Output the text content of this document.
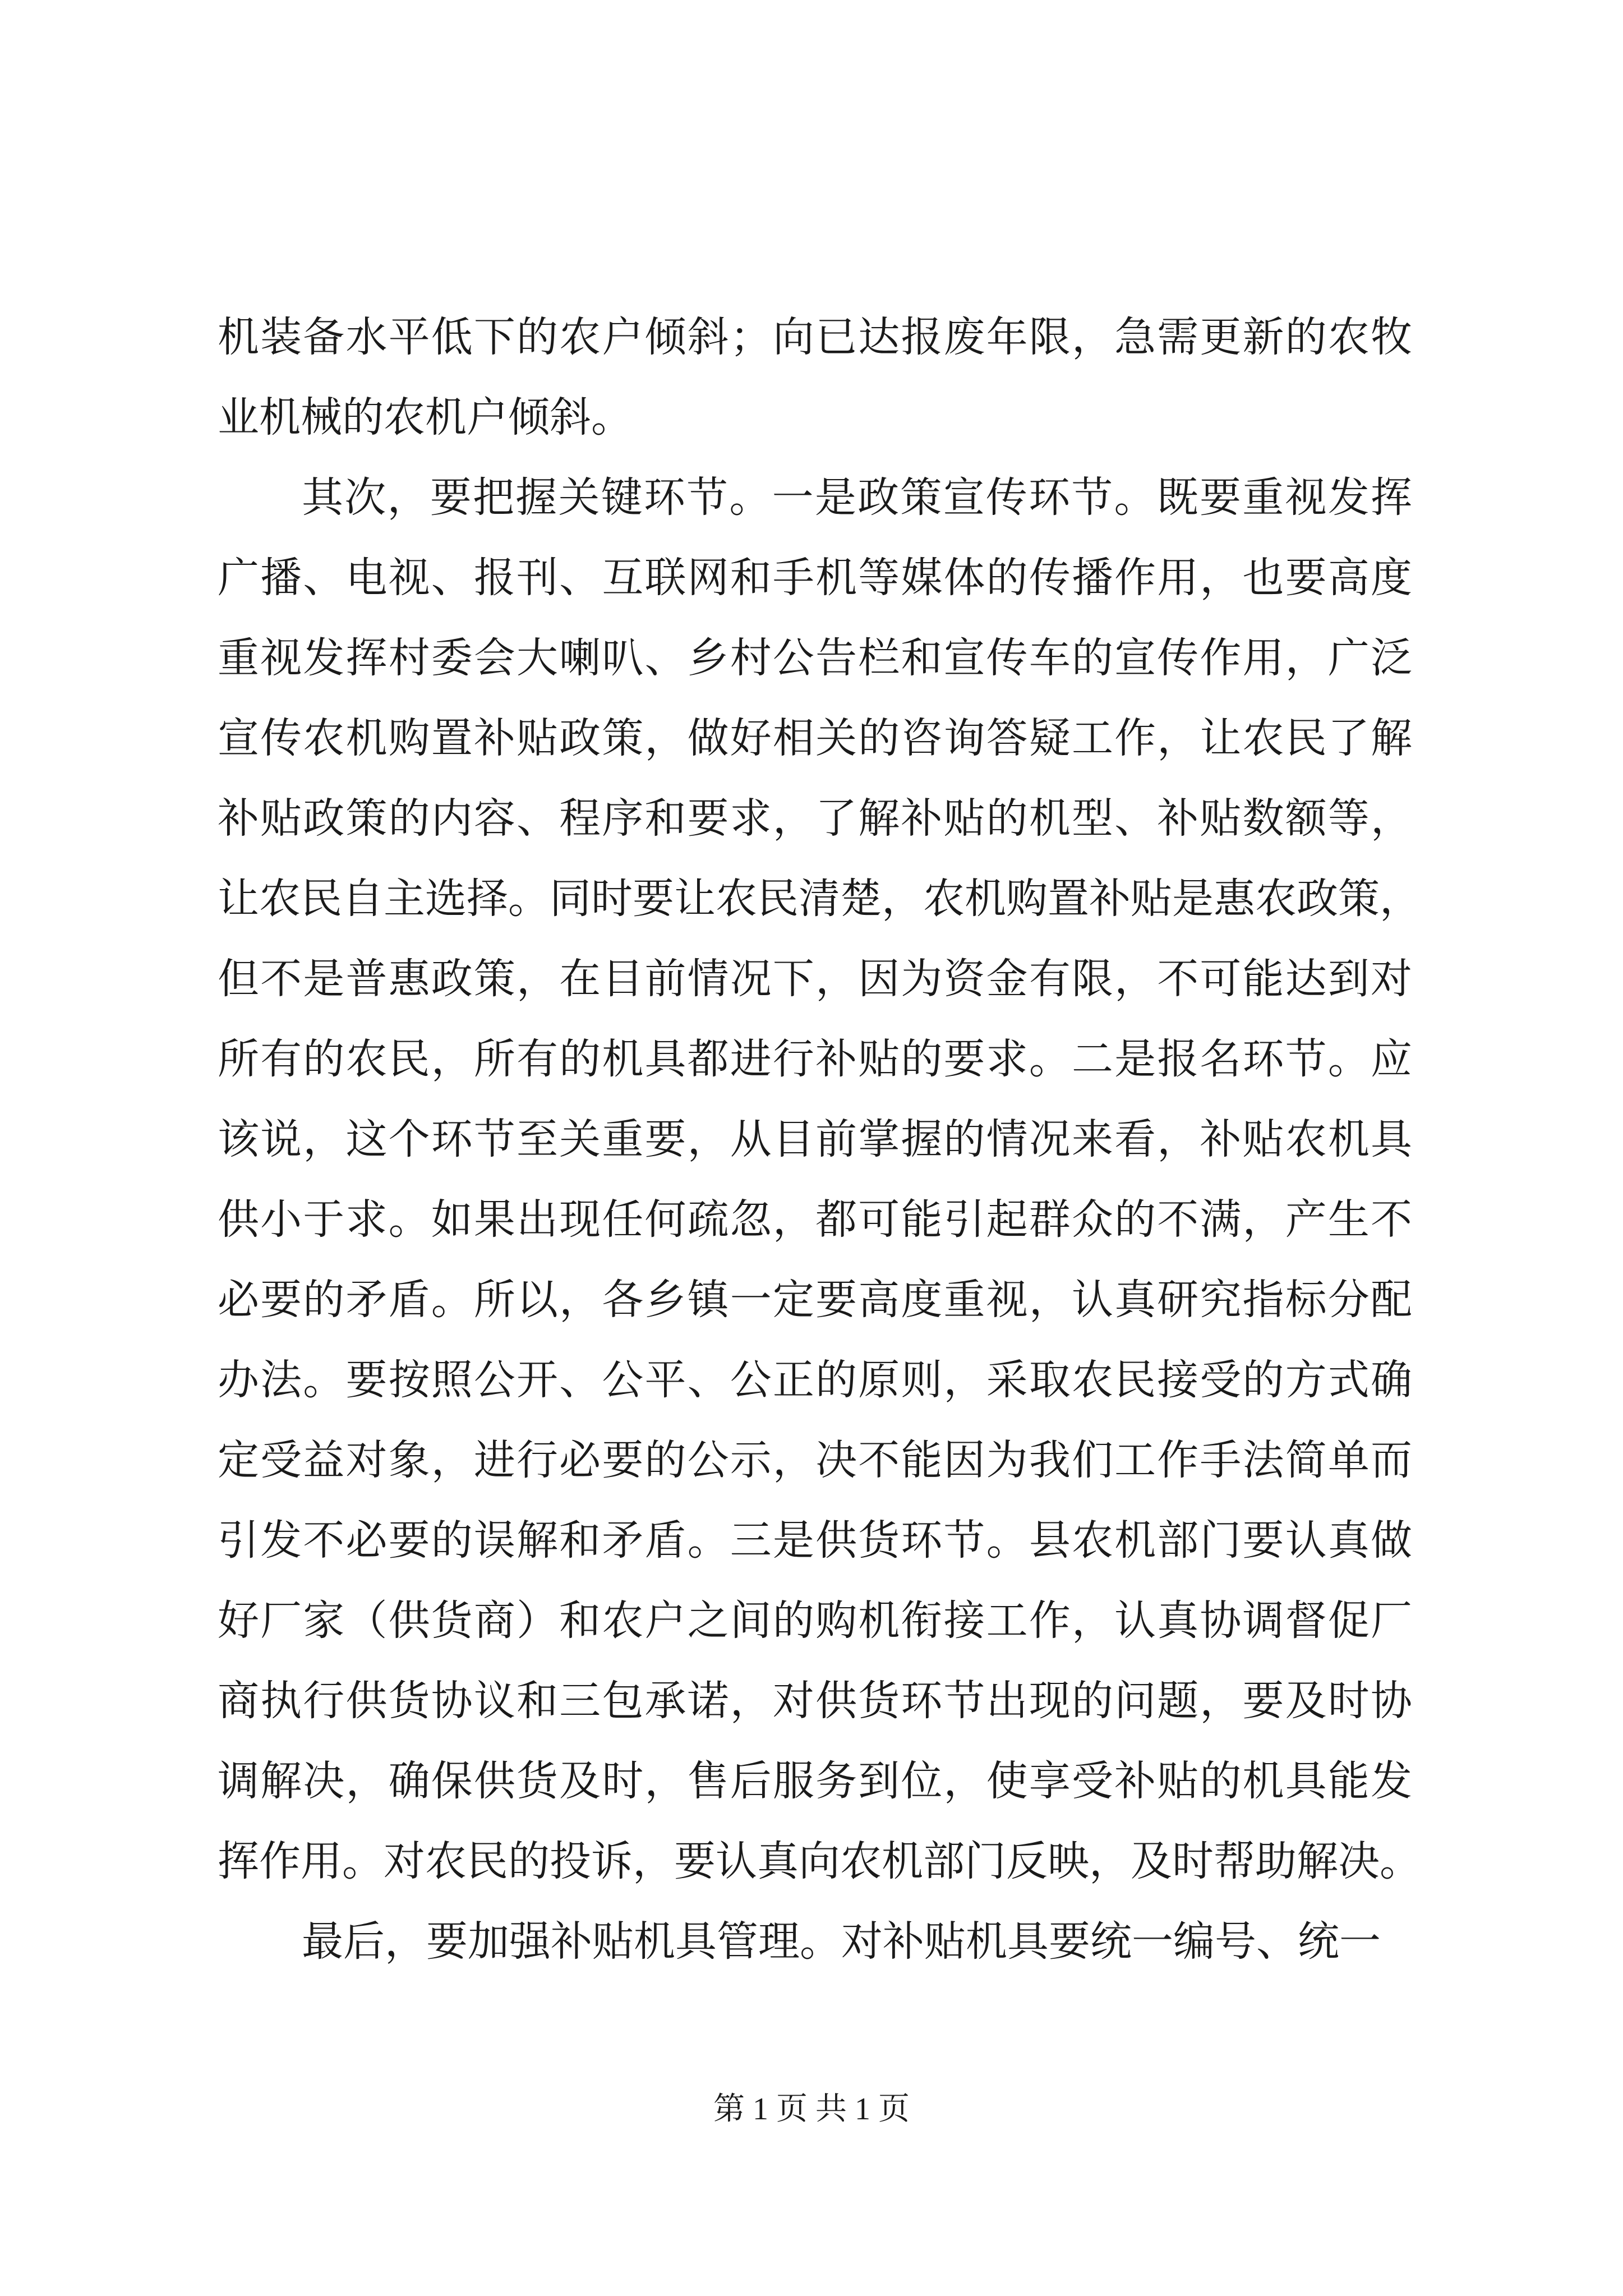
机装备水平低下的农户倾斜；向已达报废年限，急需更新的农牧
业机械的农机户倾斜。
其次，要把握关键环节。一是政策宣传环节。既要重视发挥
广播、电视、报刊、互联网和手机等媒体的传播作用，也要高度
重视发挥村委会大喇叭、乡村公告栏和宣传车的宣传作用，广泛
宣传农机购置补贴政策，做好相关的咨询答疑工作，让农民了解
补贴政策的内容、程序和要求，了解补贴的机型、补贴数额等，
让农民自主选择。同时要让农民清楚，农机购置补贴是惠农政策，
但不是普惠政策，在目前情况下，因为资金有限，不可能达到对
所有的农民，所有的机具都进行补贴的要求。二是报名环节。应
该说，这个环节至关重要，从目前掌握的情况来看，补贴农机具
供小于求。如果出现任何疏忽，都可能引起群众的不满，产生不
必要的矛盾。所以，各乡镇一定要高度重视，认真研究指标分配
办法。要按照公开、公平、公正的原则，采取农民接受的方式确
定受益对象，进行必要的公示，决不能因为我们工作手法简单而
引发不必要的误解和矛盾。三是供货环节。县农机部门要认真做
好厂家（供货商）和农户之间的购机衔接工作，认真协调督促厂
商执行供货协议和三包承诺，对供货环节出现的问题，要及时协
调解决，确保供货及时，售后服务到位，使享受补贴的机具能发
挥作用。对农民的投诉，要认真向农机部门反映，及时帮助解决。
最后，要加强补贴机具管理。对补贴机具要统一编号、统一
第 1 页 共 1 页
